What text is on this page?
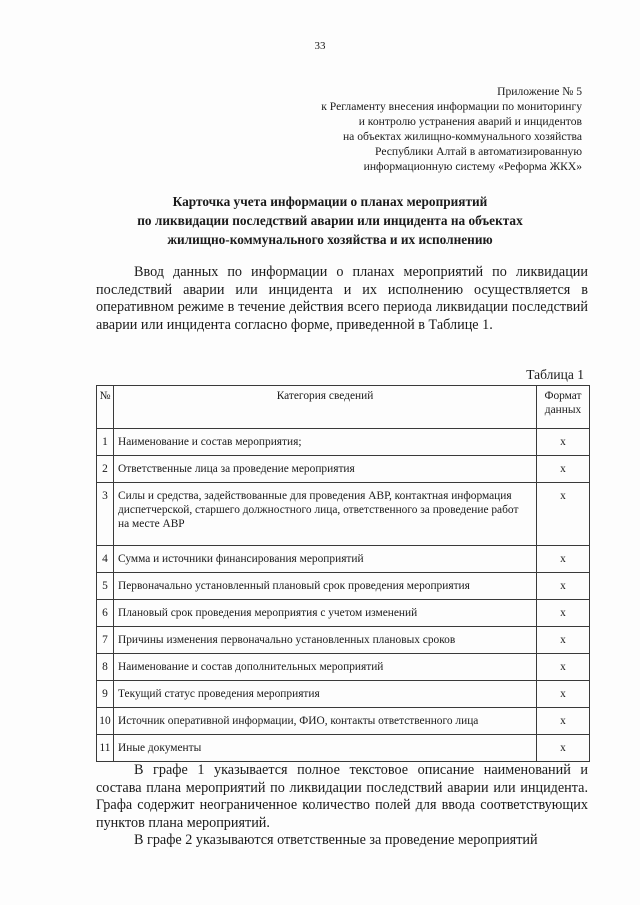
33
Приложение № 5
к Регламенту внесения информации по мониторингу
и контролю устранения аварий и инцидентов
на объектах жилищно-коммунального хозяйства
Республики Алтай в автоматизированную
информационную систему «Реформа ЖКХ»
Карточка учета информации о планах мероприятий
по ликвидации последствий аварии или инцидента на объектах
жилищно-коммунального хозяйства и их исполнению
Ввод данных по информации о планах мероприятий по ликвидации последствий аварии или инцидента и их исполнению осуществляется в оперативном режиме в течение действия всего периода ликвидации последствий аварии или инцидента согласно форме, приведенной в Таблице 1.
Таблица 1
№	Категория сведений	Формат данных
1	Наименование и состав мероприятия;	x
2	Ответственные лица за проведение мероприятия	x
3	Силы и средства, задействованные для проведения АВР, контактная информация диспетчерской, старшего должностного лица, ответственного за проведение работ на месте АВР	x
4	Сумма и источники финансирования мероприятий	x
5	Первоначально установленный плановый срок проведения мероприятия	x
6	Плановый срок проведения мероприятия с учетом изменений	x
7	Причины изменения первоначально установленных плановых сроков	x
8	Наименование и состав дополнительных мероприятий	x
9	Текущий статус проведения мероприятия	x
10	Источник оперативной информации, ФИО, контакты ответственного лица	x
11	Иные документы	x
В графе 1 указывается полное текстовое описание наименований и состава плана мероприятий по ликвидации последствий аварии или инцидента. Графа содержит неограниченное количество полей для ввода соответствующих пунктов плана мероприятий.
В графе 2 указываются ответственные за проведение мероприятий
